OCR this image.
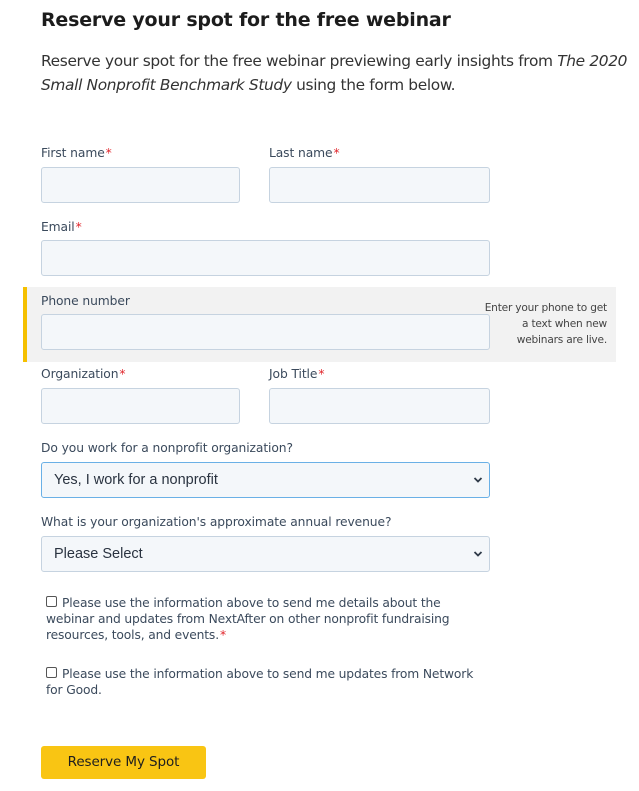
Reserve your spot for the free webinar

Reserve your spot for the free webinar previewing early insights from The 2020 Small Nonprofit Benchmark Study using the form below.

First name*	Last name*
Email*
Phone number	Enter your phone to get a text when new webinars are live.
Organization*	Job Title*
Do you work for a nonprofit organization?
Yes, I work for a nonprofit
What is your organization's approximate annual revenue?
Please Select
Please use the information above to send me details about the webinar and updates from NextAfter on other nonprofit fundraising resources, tools, and events.*
Please use the information above to send me updates from Network for Good.
Reserve My Spot
